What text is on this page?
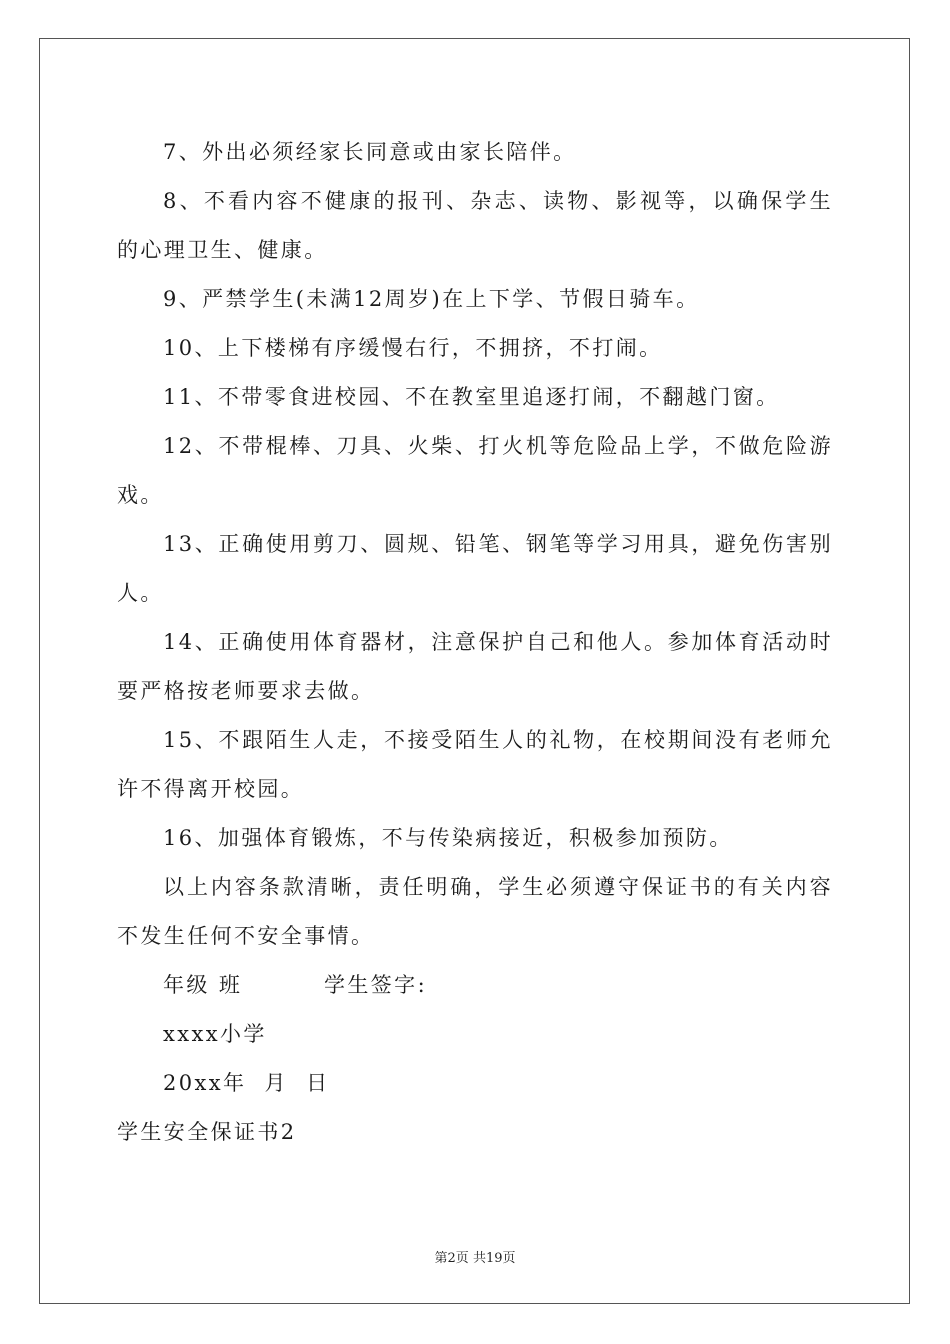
7、外出必须经家长同意或由家长陪伴。

8、不看内容不健康的报刊、杂志、读物、影视等，以确保学生的心理卫生、健康。

9、严禁学生(未满12周岁)在上下学、节假日骑车。

10、上下楼梯有序缓慢右行，不拥挤，不打闹。

11、不带零食进校园、不在教室里追逐打闹，不翻越门窗。

12、不带棍棒、刀具、火柴、打火机等危险品上学，不做危险游戏。

13、正确使用剪刀、圆规、铅笔、钢笔等学习用具，避免伤害别人。

14、正确使用体育器材，注意保护自己和他人。参加体育活动时要严格按老师要求去做。

15、不跟陌生人走，不接受陌生人的礼物，在校期间没有老师允许不得离开校园。

16、加强体育锻炼，不与传染病接近，积极参加预防。

以上内容条款清晰，责任明确，学生必须遵守保证书的有关内容不发生任何不安全事情。

年级 班	学生签字:

xxxx小学

20xx年  月  日

学生安全保证书2

第2页 共19页
